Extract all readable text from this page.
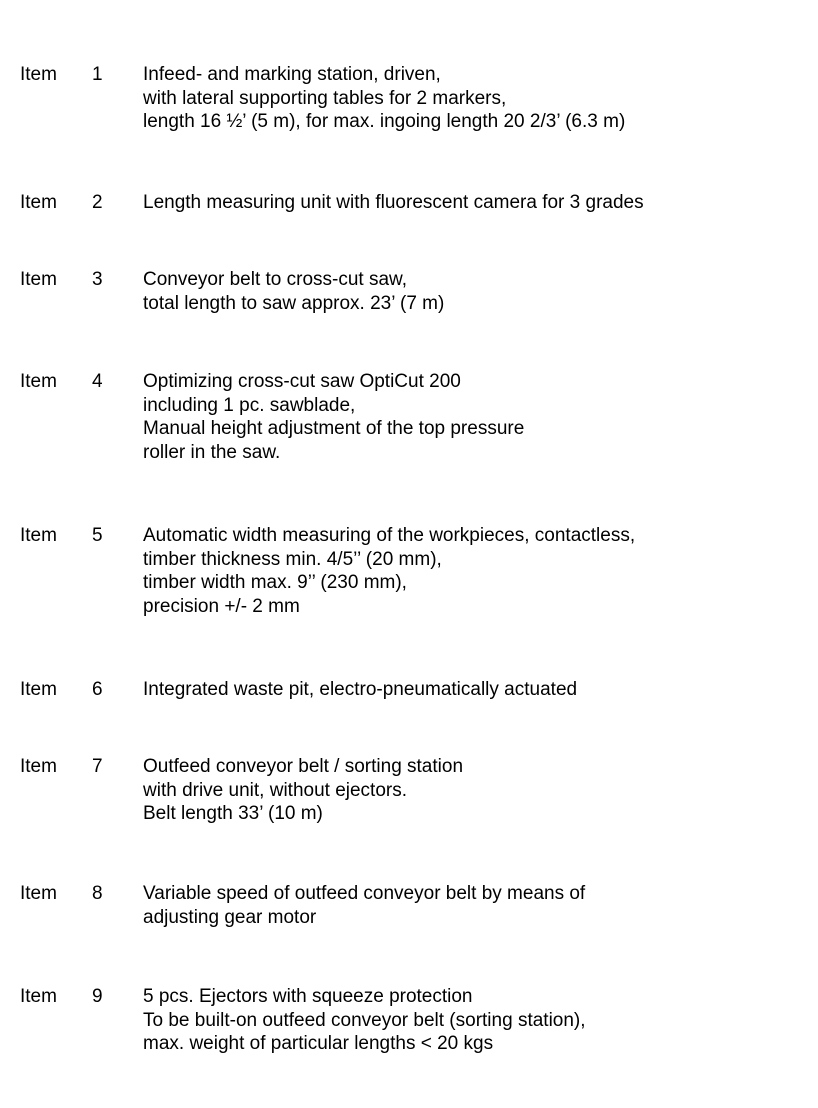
Item 1 Infeed- and marking station, driven,
with lateral supporting tables for 2 markers,
length 16 ½’ (5 m), for max. ingoing length 20 2/3’ (6.3 m)
Item 2 Length measuring unit with fluorescent camera for 3 grades
Item 3 Conveyor belt to cross-cut saw,
total length to saw approx. 23’ (7 m)
Item 4 Optimizing cross-cut saw OptiCut 200
including 1 pc. sawblade,
Manual height adjustment of the top pressure
roller in the saw.
Item 5 Automatic width measuring of the workpieces, contactless,
timber thickness min. 4/5’’ (20 mm),
timber width max. 9’’ (230 mm),
precision +/- 2 mm
Item 6 Integrated waste pit, electro-pneumatically actuated
Item 7 Outfeed conveyor belt / sorting station
with drive unit, without ejectors.
Belt length 33’ (10 m)
Item 8 Variable speed of outfeed conveyor belt by means of
adjusting gear motor
Item 9 5 pcs. Ejectors with squeeze protection
To be built-on outfeed conveyor belt (sorting station),
max. weight of particular lengths < 20 kgs
